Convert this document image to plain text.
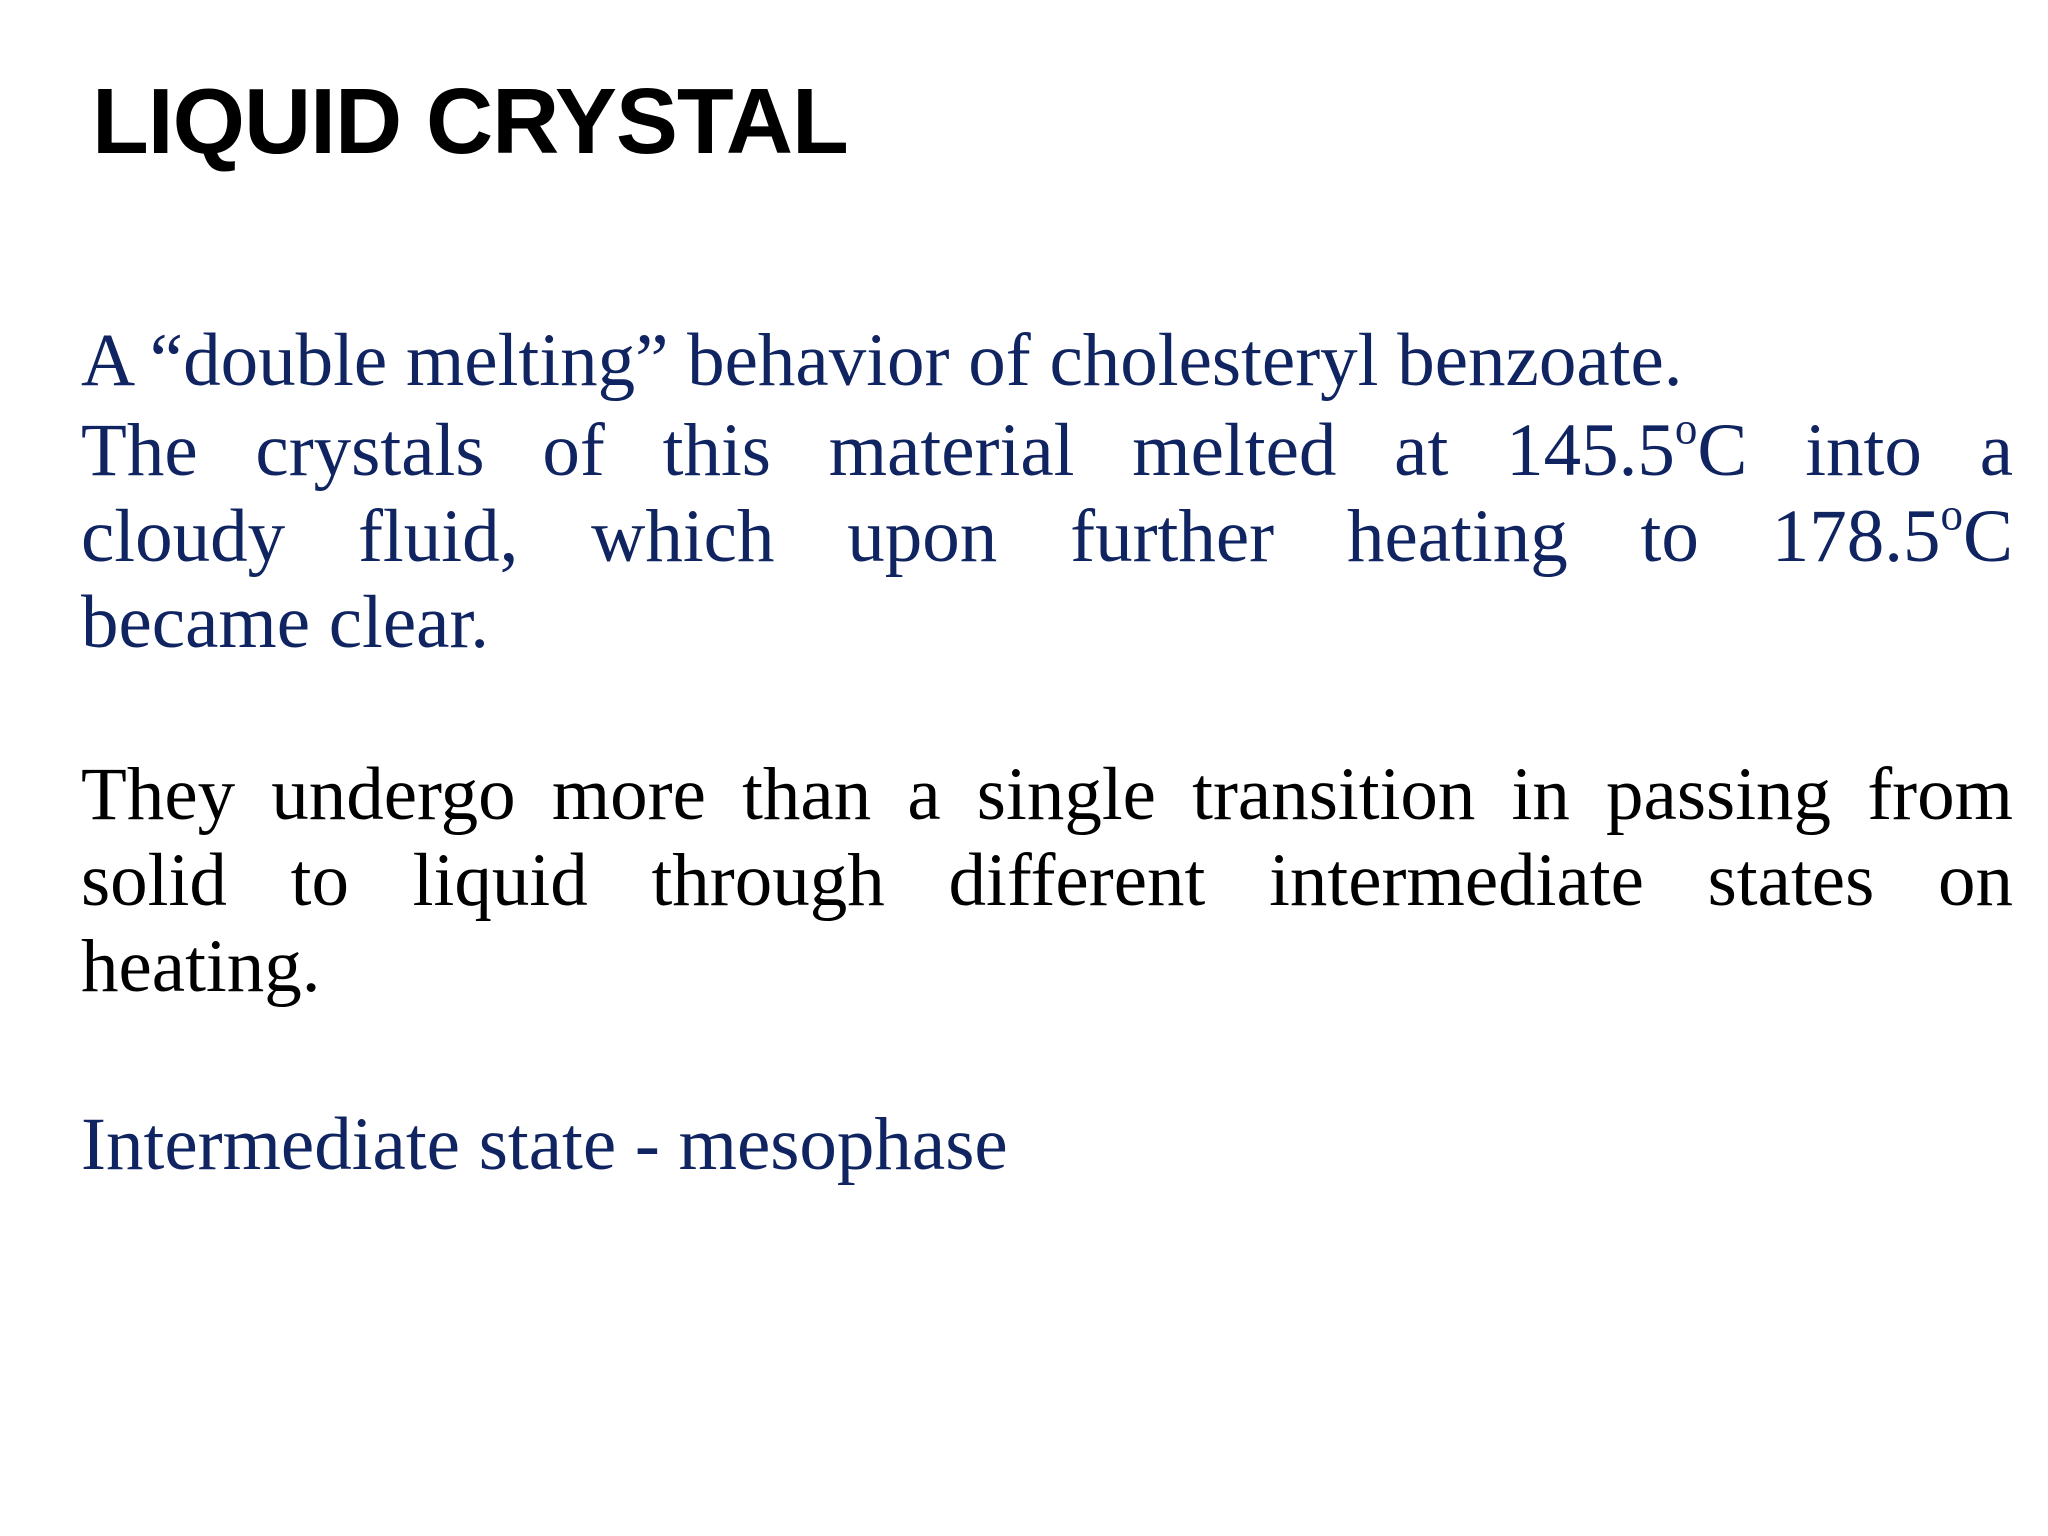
LIQUID CRYSTAL

A “double melting” behavior of cholesteryl benzoate.

The crystals of this material melted at 145.5$^o$C into a
cloudy fluid, which upon further heating to 178.5$^o$C
became clear.

They undergo more than a single transition in passing from
solid to liquid through different intermediate states on
heating.

Intermediate state - mesophase
